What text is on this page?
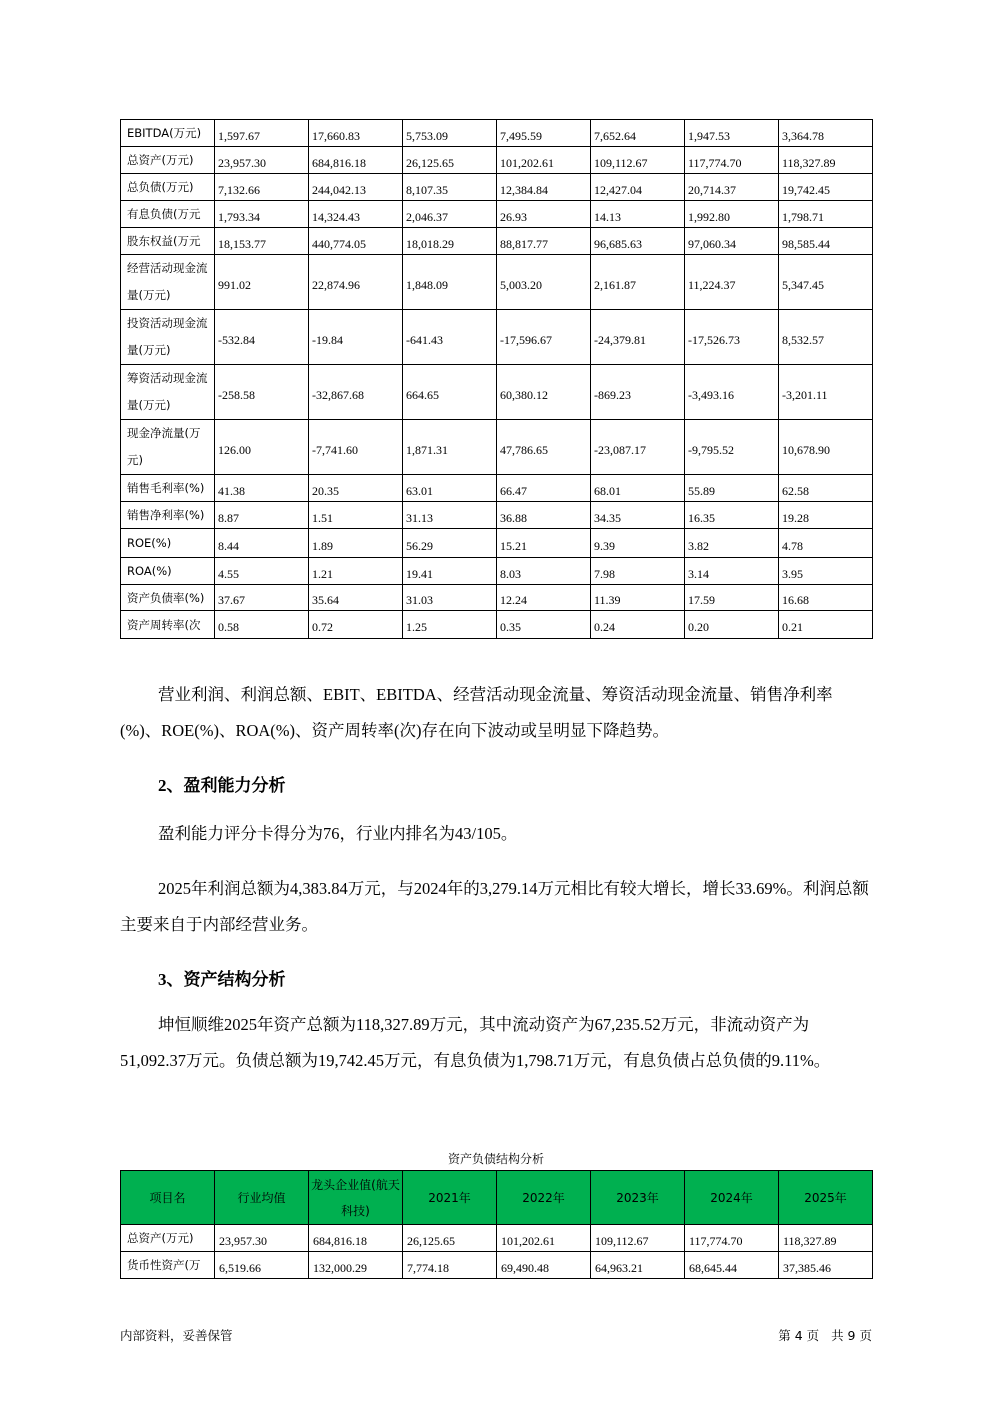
EBITDA(万元)	1,597.67	17,660.83	5,753.09	7,495.59	7,652.64	1,947.53	3,364.78
总资产(万元)	23,957.30	684,816.18	26,125.65	101,202.61	109,112.67	117,774.70	118,327.89
总负债(万元)	7,132.66	244,042.13	8,107.35	12,384.84	12,427.04	20,714.37	19,742.45
有息负债(万元	1,793.34	14,324.43	2,046.37	26.93	14.13	1,992.80	1,798.71
股东权益(万元	18,153.77	440,774.05	18,018.29	88,817.77	96,685.63	97,060.34	98,585.44
经营活动现金流量(万元)	991.02	22,874.96	1,848.09	5,003.20	2,161.87	11,224.37	5,347.45
投资活动现金流量(万元)	-532.84	-19.84	-641.43	-17,596.67	-24,379.81	-17,526.73	8,532.57
筹资活动现金流量(万元)	-258.58	-32,867.68	664.65	60,380.12	-869.23	-3,493.16	-3,201.11
现金净流量(万元)	126.00	-7,741.60	1,871.31	47,786.65	-23,087.17	-9,795.52	10,678.90
销售毛利率(%)	41.38	20.35	63.01	66.47	68.01	55.89	62.58
销售净利率(%)	8.87	1.51	31.13	36.88	34.35	16.35	19.28
ROE(%)	8.44	1.89	56.29	15.21	9.39	3.82	4.78
ROA(%)	4.55	1.21	19.41	8.03	7.98	3.14	3.95
资产负债率(%)	37.67	35.64	31.03	12.24	11.39	17.59	16.68
资产周转率(次	0.58	0.72	1.25	0.35	0.24	0.20	0.21

营业利润、利润总额、EBIT、EBITDA、经营活动现金流量、筹资活动现金流量、销售净利率(%)、ROE(%)、ROA(%)、资产周转率(次)存在向下波动或呈明显下降趋势。

2、盈利能力分析

盈利能力评分卡得分为76，行业内排名为43/105。

2025年利润总额为4,383.84万元，与2024年的3,279.14万元相比有较大增长，增长33.69%。利润总额主要来自于内部经营业务。

3、资产结构分析

坤恒顺维2025年资产总额为118,327.89万元，其中流动资产为67,235.52万元，非流动资产为51,092.37万元。负债总额为19,742.45万元，有息负债为1,798.71万元，有息负债占总负债的9.11%。

资产负债结构分析
项目名	行业均值	龙头企业值(航天科技)	2021年	2022年	2023年	2024年	2025年
总资产(万元)	23,957.30	684,816.18	26,125.65	101,202.61	109,112.67	117,774.70	118,327.89
货币性资产(万	6,519.66	132,000.29	7,774.18	69,490.48	64,963.21	68,645.44	37,385.46
内部资料，妥善保管	第 4 页   共 9 页
